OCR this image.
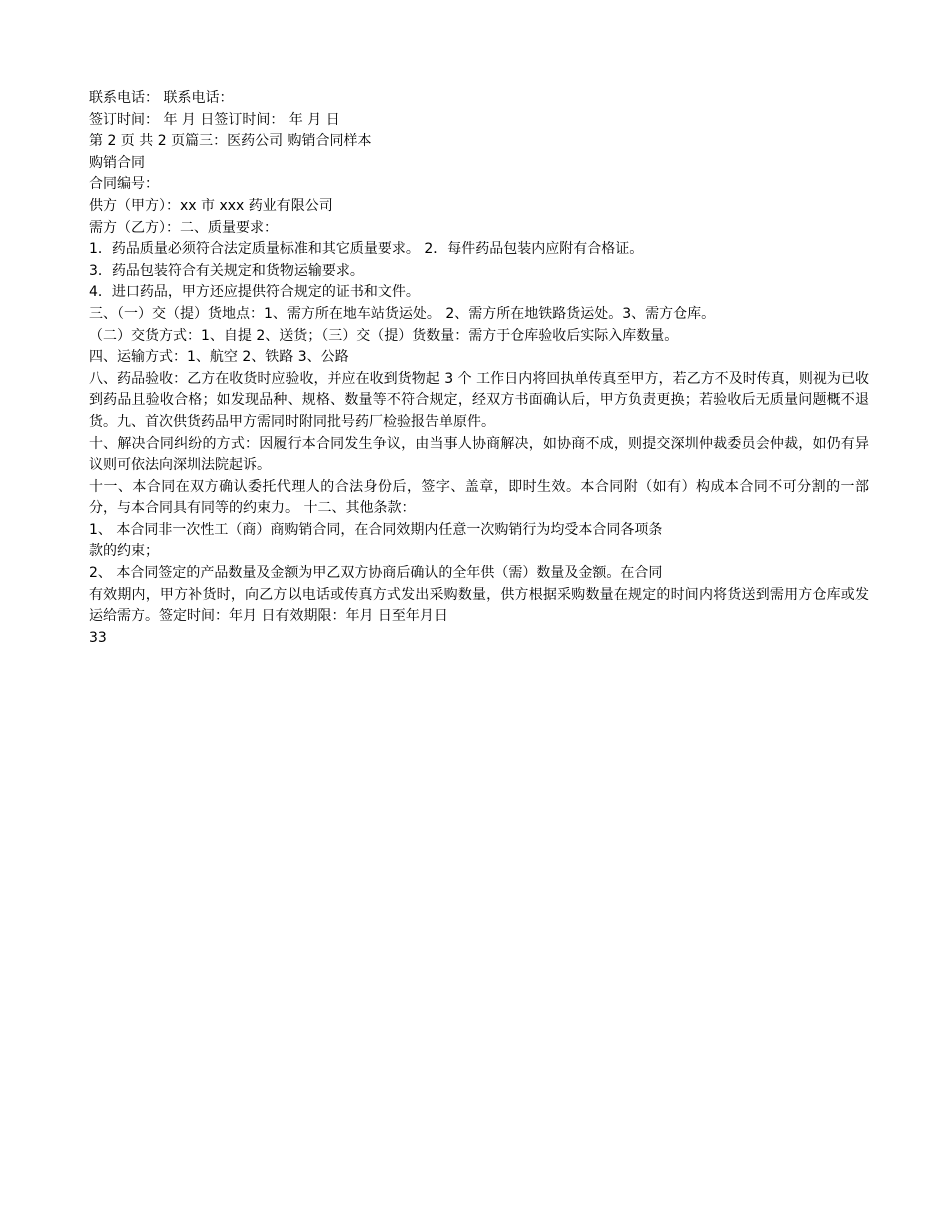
联系电话： 联系电话：
签订时间： 年 月 日签订时间： 年 月 日
第 2 页 共 2 页篇三：医药公司 购销合同样本
购销合同
合同编号：
供方（甲方）：xx 市 xxx 药业有限公司
需方（乙方）：二、质量要求：
1．药品质量必须符合法定质量标准和其它质量要求。 2．每件药品包装内应附有合格证。
3．药品包装符合有关规定和货物运输要求。
4．进口药品，甲方还应提供符合规定的证书和文件。
三、（一）交（提）货地点：1、需方所在地车站货运处。 2、需方所在地铁路货运处。3、需方仓库。
（二）交货方式：1、自提 2、送货；（三）交（提）货数量：需方于仓库验收后实际入库数量。
四、运输方式：1、航空 2、铁路 3、公路
八、药品验收：乙方在收货时应验收，并应在收到货物起 3 个 工作日内将回执单传真至甲方，若乙方不及时传真，则视为已收到药品且验收合格；如发现品种、规格、数量等不符合规定，经双方书面确认后，甲方负责更换；若验收后无质量问题概不退货。九、首次供货药品甲方需同时附同批号药厂检验报告单原件。
十、解决合同纠纷的方式：因履行本合同发生争议，由当事人协商解决，如协商不成，则提交深圳仲裁委员会仲裁，如仍有异议则可依法向深圳法院起诉。
十一、本合同在双方确认委托代理人的合法身份后，签字、盖章，即时生效。本合同附（如有）构成本合同不可分割的一部分，与本合同具有同等的约束力。 十二、其他条款：
1、 本合同非一次性工（商）商购销合同，在合同效期内任意一次购销行为均受本合同各项条
款的约束；
2、 本合同签定的产品数量及金额为甲乙双方协商后确认的全年供（需）数量及金额。在合同
有效期内，甲方补货时，向乙方以电话或传真方式发出采购数量，供方根据采购数量在规定的时间内将货送到需用方仓库或发运给需方。签定时间：年月 日有效期限：年月 日至年月日
33
